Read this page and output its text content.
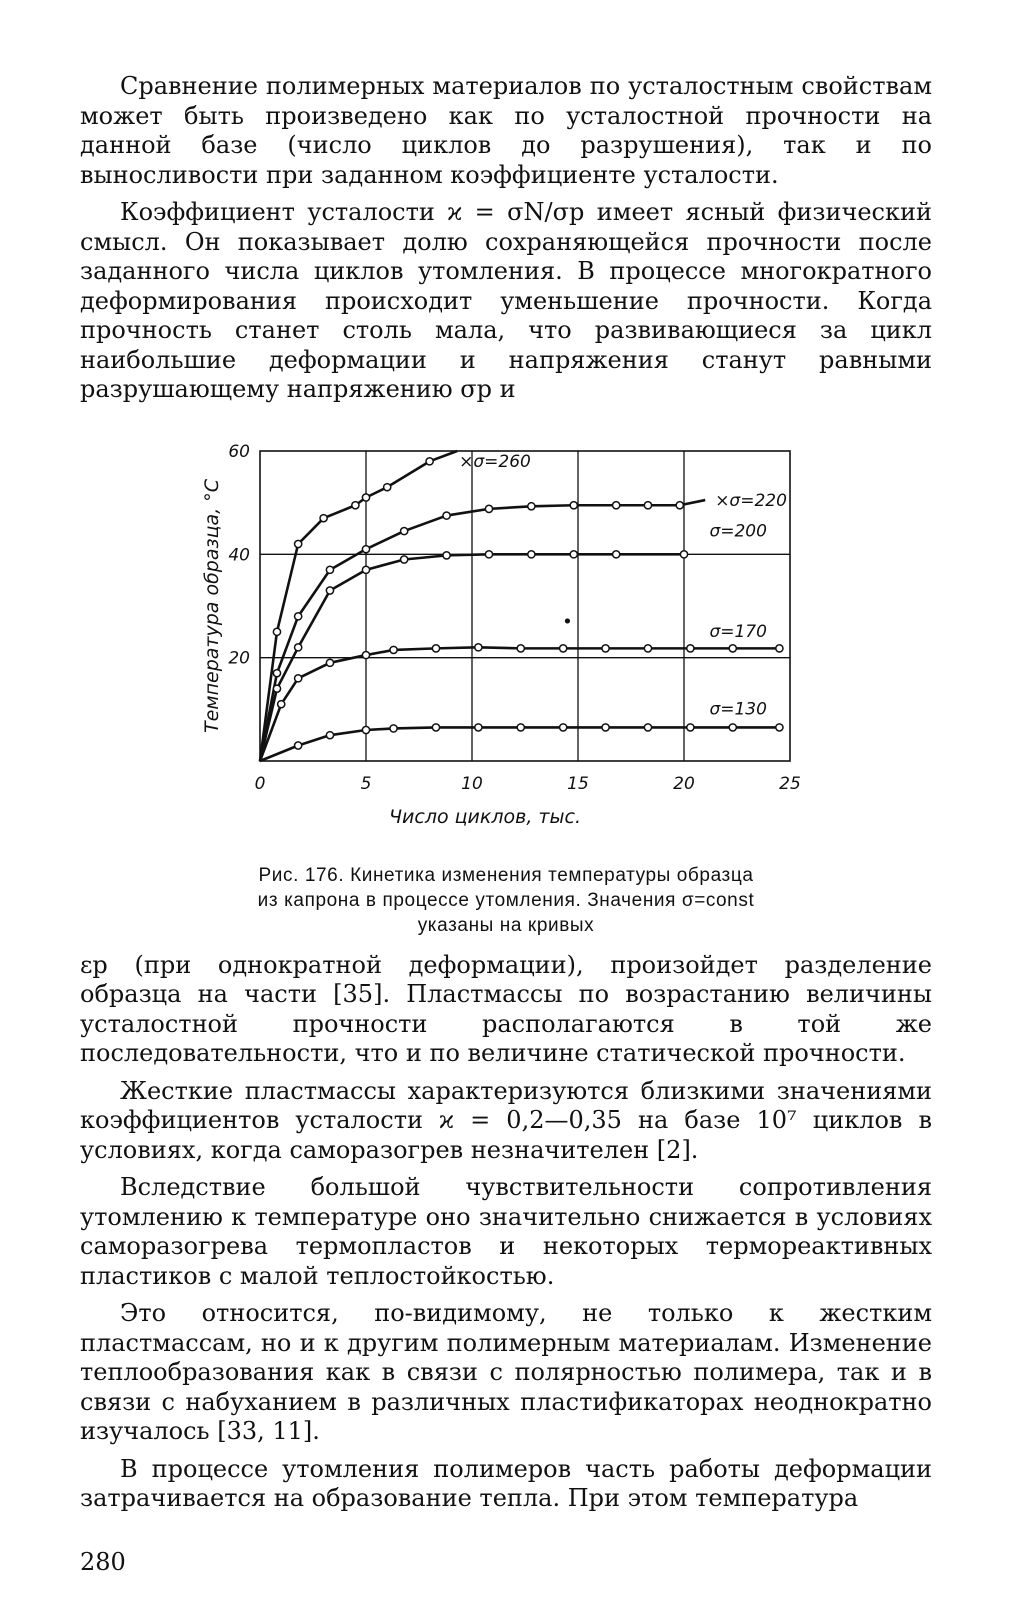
Сравнение полимерных материалов по усталостным свойствам может быть произведено как по усталостной прочности на данной базе (число циклов до разрушения), так и по выносливости при заданном коэффициенте усталости.

Коэффициент усталости ϰ = σN/σр имеет ясный физический смысл. Он показывает долю сохраняющейся прочности после заданного числа циклов утомления. В процессе многократного деформирования происходит уменьшение прочности. Когда прочность станет столь мала, что развивающиеся за цикл наибольшие деформации и напряжения станут равными разрушающему напряжению σр и

0	5	10	15	20	25
20
40
60
Число циклов, тыс.
Температура образца, °С
×σ=260
×σ=220
σ=200
σ=170
σ=130
•
Рис. 176. Кинетика изменения температуры образца
из капрона в процессе утомления. Значения σ=const
указаны на кривых

εр (при однократной деформации), произойдет разделение образца на части [35]. Пластмассы по возрастанию величины усталостной прочности располагаются в той же последовательности, что и по величине статической прочности.

Жесткие пластмассы характеризуются близкими значениями коэффициентов усталости ϰ = 0,2—0,35 на базе 10⁷ циклов в условиях, когда саморазогрев незначителен [2].

Вследствие большой чувствительности сопротивления утомлению к температуре оно значительно снижается в условиях саморазогрева термопластов и некоторых термореактивных пластиков с малой теплостойкостью.

Это относится, по-видимому, не только к жестким пластмассам, но и к другим полимерным материалам. Изменение теплообразования как в связи с полярностью полимера, так и в связи с набуханием в различных пластификаторах неоднократно изучалось [33, 11].

В процессе утомления полимеров часть работы деформации затрачивается на образование тепла. При этом температура

280
